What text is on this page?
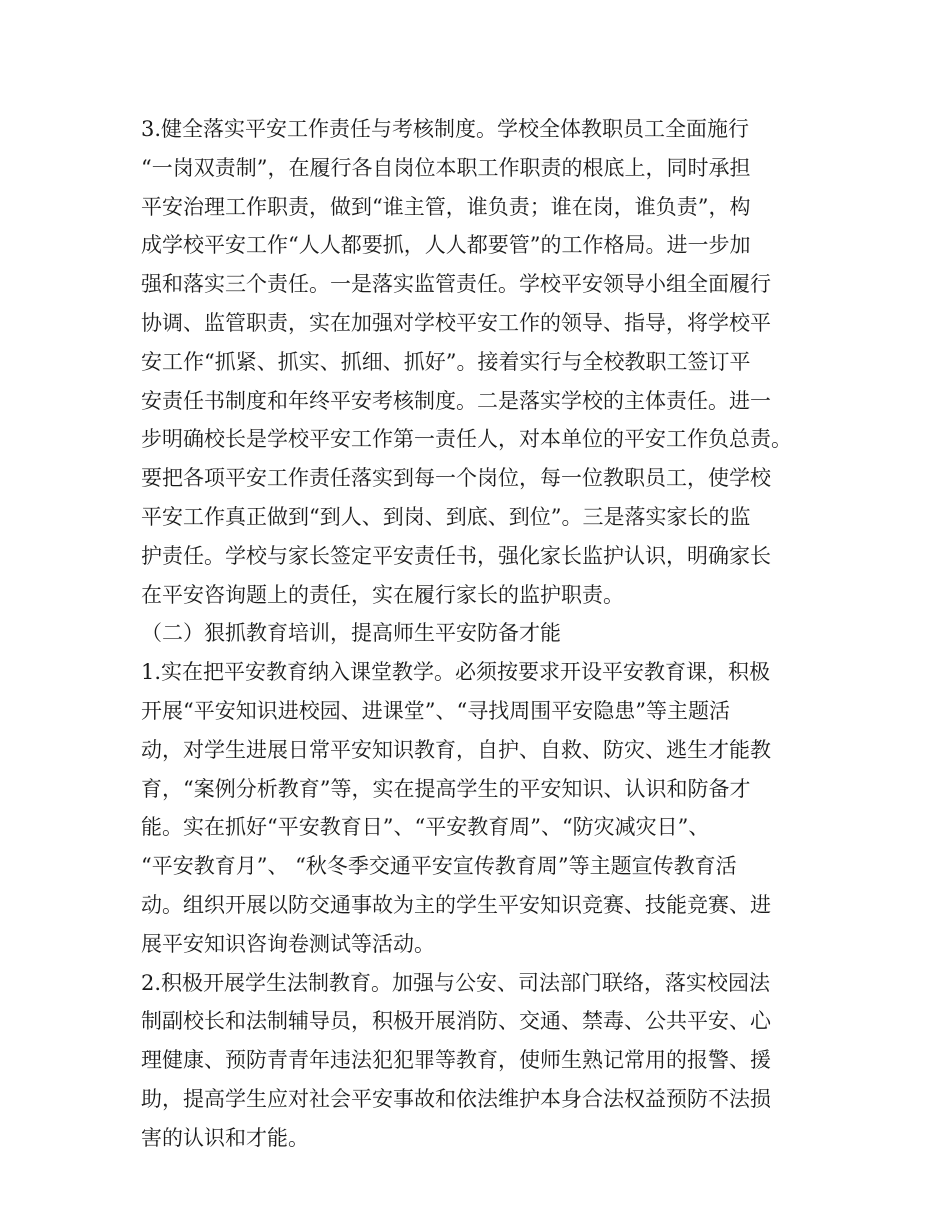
3.健全落实平安工作责任与考核制度。学校全体教职员工全面施行
“一岗双责制”，在履行各自岗位本职工作职责的根底上，同时承担
平安治理工作职责，做到“谁主管，谁负责；谁在岗，谁负责”，构
成学校平安工作“人人都要抓，人人都要管”的工作格局。进一步加
强和落实三个责任。一是落实监管责任。学校平安领导小组全面履行
协调、监管职责，实在加强对学校平安工作的领导、指导，将学校平
安工作“抓紧、抓实、抓细、抓好”。接着实行与全校教职工签订平
安责任书制度和年终平安考核制度。二是落实学校的主体责任。进一
步明确校长是学校平安工作第一责任人，对本单位的平安工作负总责。
要把各项平安工作责任落实到每一个岗位，每一位教职员工，使学校
平安工作真正做到“到人、到岗、到底、到位”。三是落实家长的监
护责任。学校与家长签定平安责任书，强化家长监护认识，明确家长
在平安咨询题上的责任，实在履行家长的监护职责。
（二）狠抓教育培训，提高师生平安防备才能
1.实在把平安教育纳入课堂教学。必须按要求开设平安教育课，积极
开展“平安知识进校园、进课堂”、“寻找周围平安隐患”等主题活
动，对学生进展日常平安知识教育，自护、自救、防灾、逃生才能教
育，“案例分析教育”等，实在提高学生的平安知识、认识和防备才
能。实在抓好“平安教育日”、“平安教育周”、“防灾减灾日”、
“平安教育月”、 “秋冬季交通平安宣传教育周”等主题宣传教育活
动。组织开展以防交通事故为主的学生平安知识竞赛、技能竞赛、进
展平安知识咨询卷测试等活动。
2.积极开展学生法制教育。加强与公安、司法部门联络，落实校园法
制副校长和法制辅导员，积极开展消防、交通、禁毒、公共平安、心
理健康、预防青青年违法犯犯罪等教育，使师生熟记常用的报警、援
助，提高学生应对社会平安事故和依法维护本身合法权益预防不法损
害的认识和才能。
